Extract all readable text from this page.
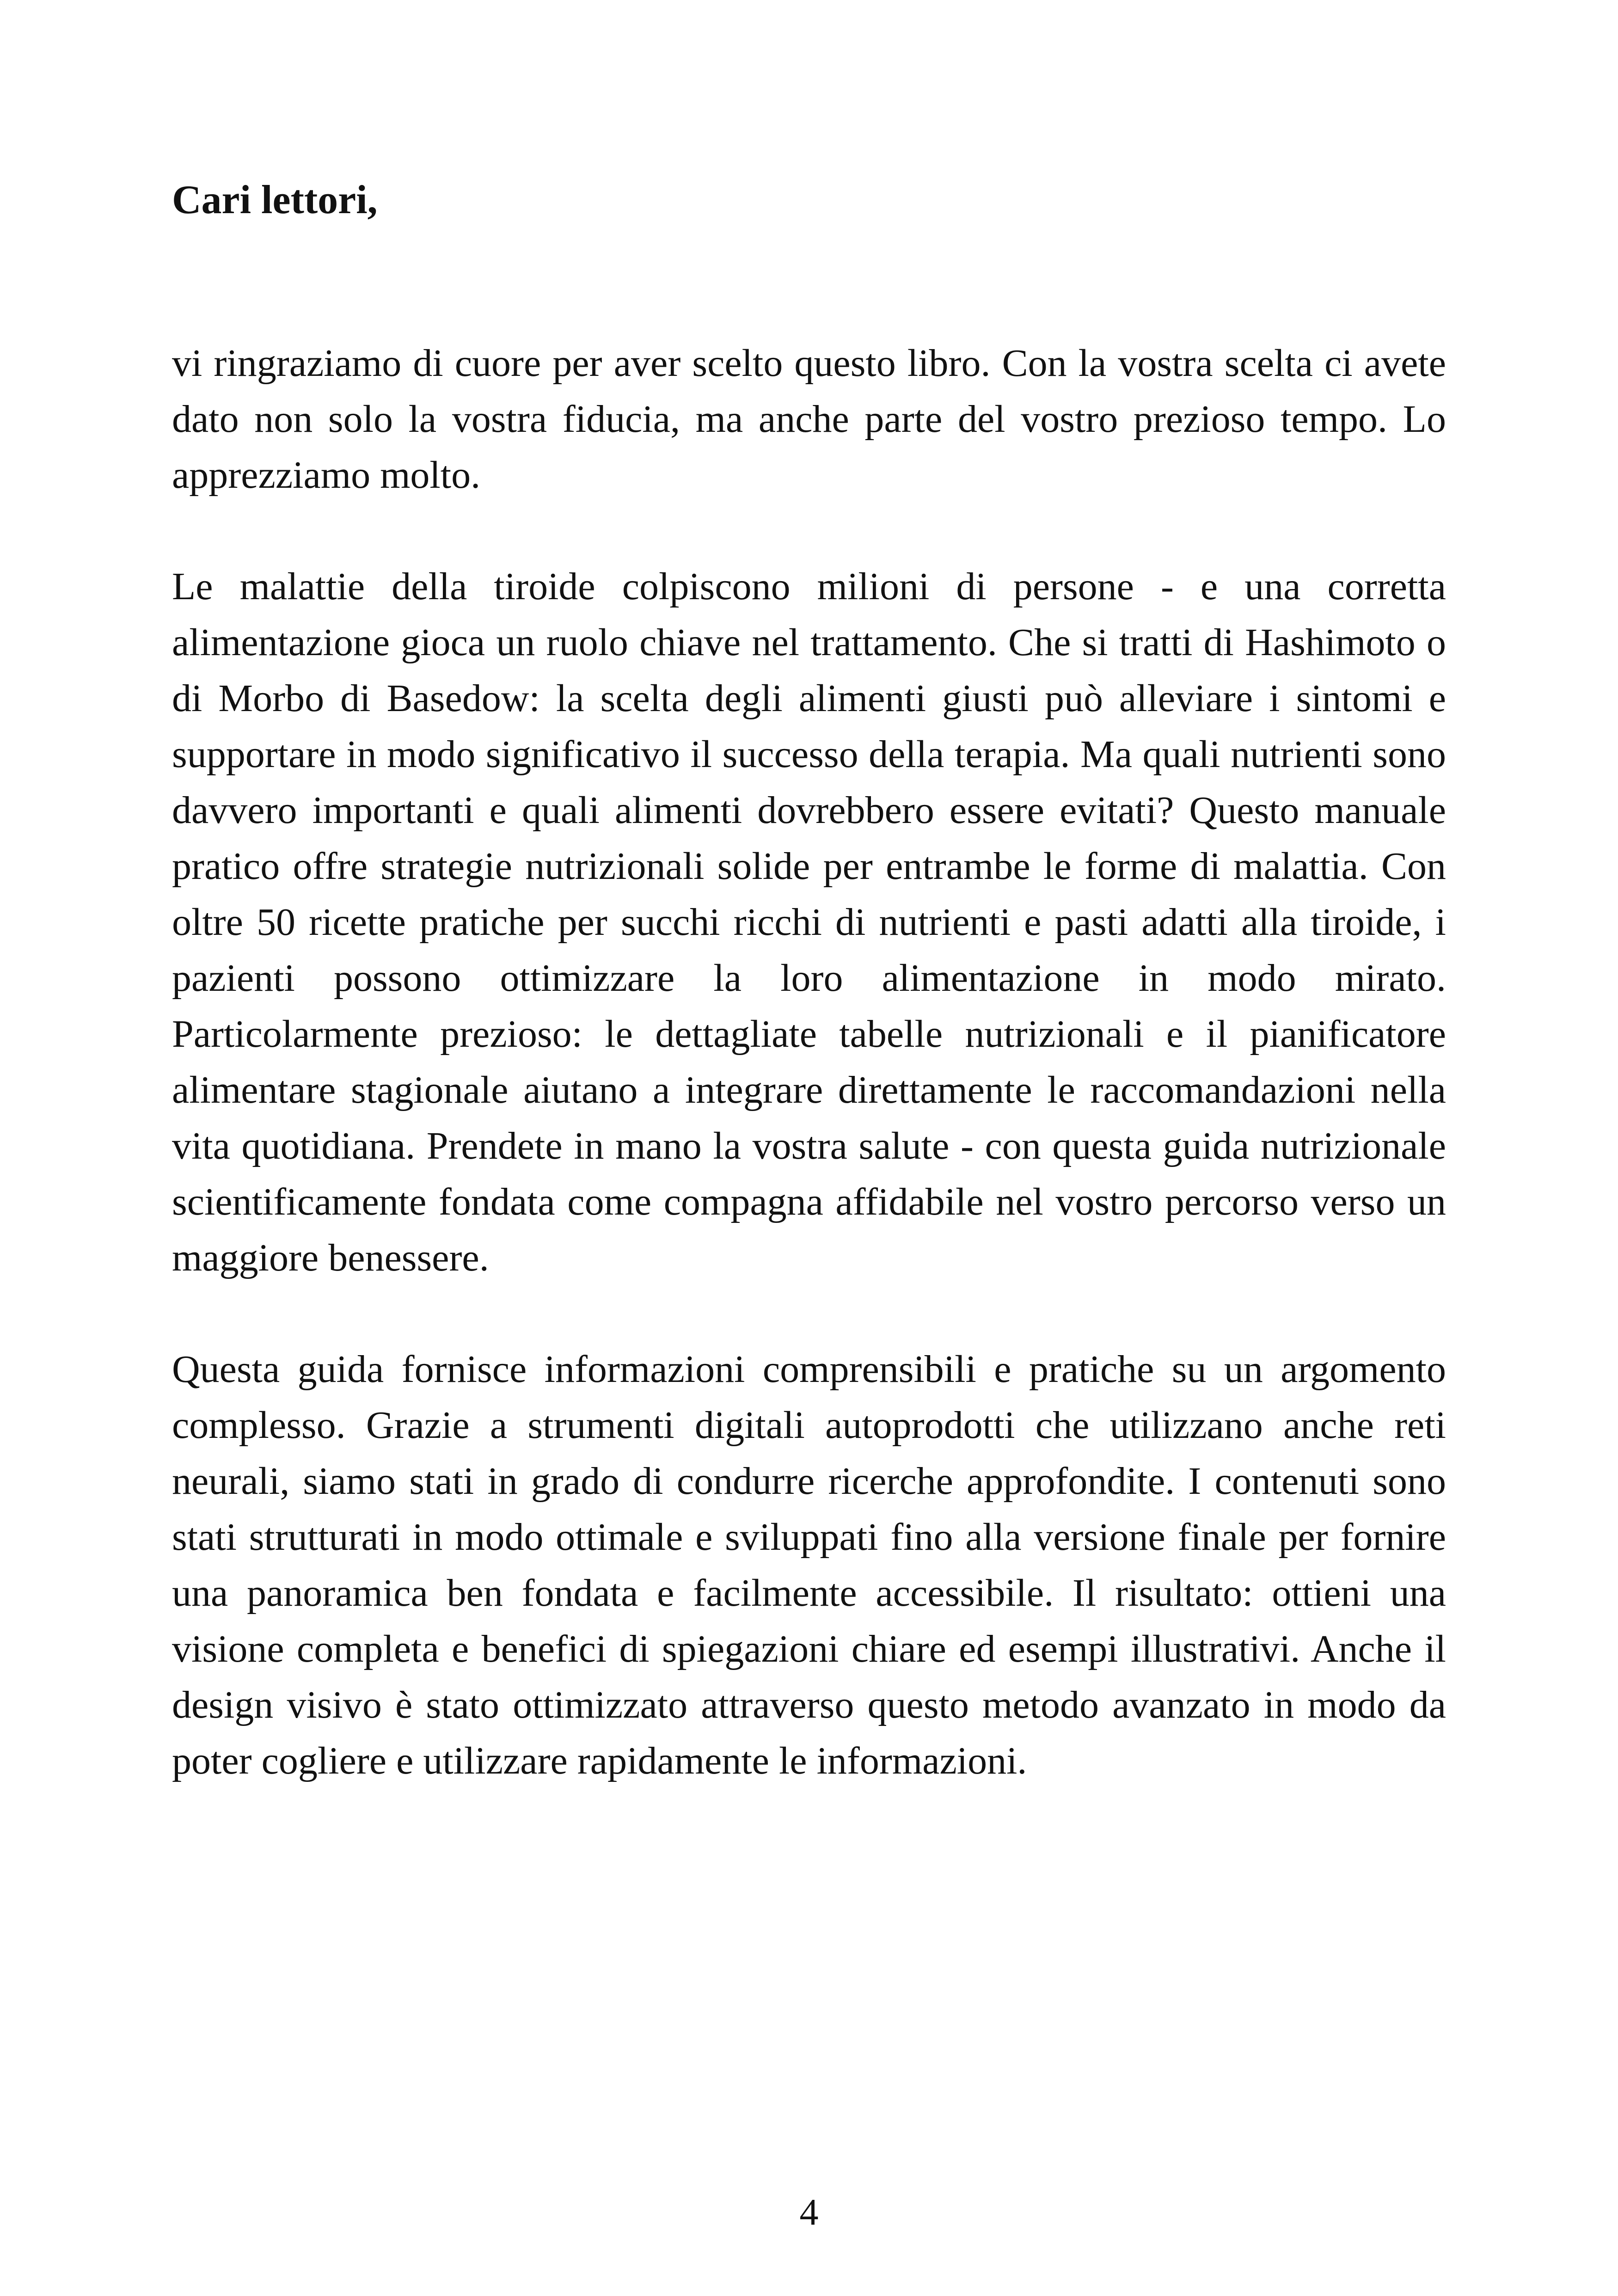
Cari lettori,

vi ringraziamo di cuore per aver scelto questo libro. Con la vostra scelta ci avete dato non solo la vostra fiducia, ma anche parte del vostro prezioso tempo. Lo apprezziamo molto.

Le malattie della tiroide colpiscono milioni di persone - e una corretta alimentazione gioca un ruolo chiave nel trattamento. Che si tratti di Hashimoto o di Morbo di Basedow: la scelta degli alimenti giusti può alleviare i sintomi e supportare in modo significativo il successo della terapia. Ma quali nutrienti sono davvero importanti e quali alimenti dovrebbero essere evitati? Questo manuale pratico offre strategie nutrizionali solide per entrambe le forme di malattia. Con oltre 50 ricette pratiche per succhi ricchi di nutrienti e pasti adatti alla tiroide, i pazienti possono ottimizzare la loro alimentazione in modo mirato. Particolarmente prezioso: le dettagliate tabelle nutrizionali e il pianificatore alimentare stagionale aiutano a integrare direttamente le raccomandazioni nella vita quotidiana. Prendete in mano la vostra salute - con questa guida nutrizionale scientificamente fondata come compagna affidabile nel vostro percorso verso un maggiore benessere.

Questa guida fornisce informazioni comprensibili e pratiche su un argomento complesso. Grazie a strumenti digitali autoprodotti che utilizzano anche reti neurali, siamo stati in grado di condurre ricerche approfondite. I contenuti sono stati strutturati in modo ottimale e sviluppati fino alla versione finale per fornire una panoramica ben fondata e facilmente accessibile. Il risultato: ottieni una visione completa e benefici di spiegazioni chiare ed esempi illustrativi. Anche il design visivo è stato ottimizzato attraverso questo metodo avanzato in modo da poter cogliere e utilizzare rapidamente le informazioni.

4
